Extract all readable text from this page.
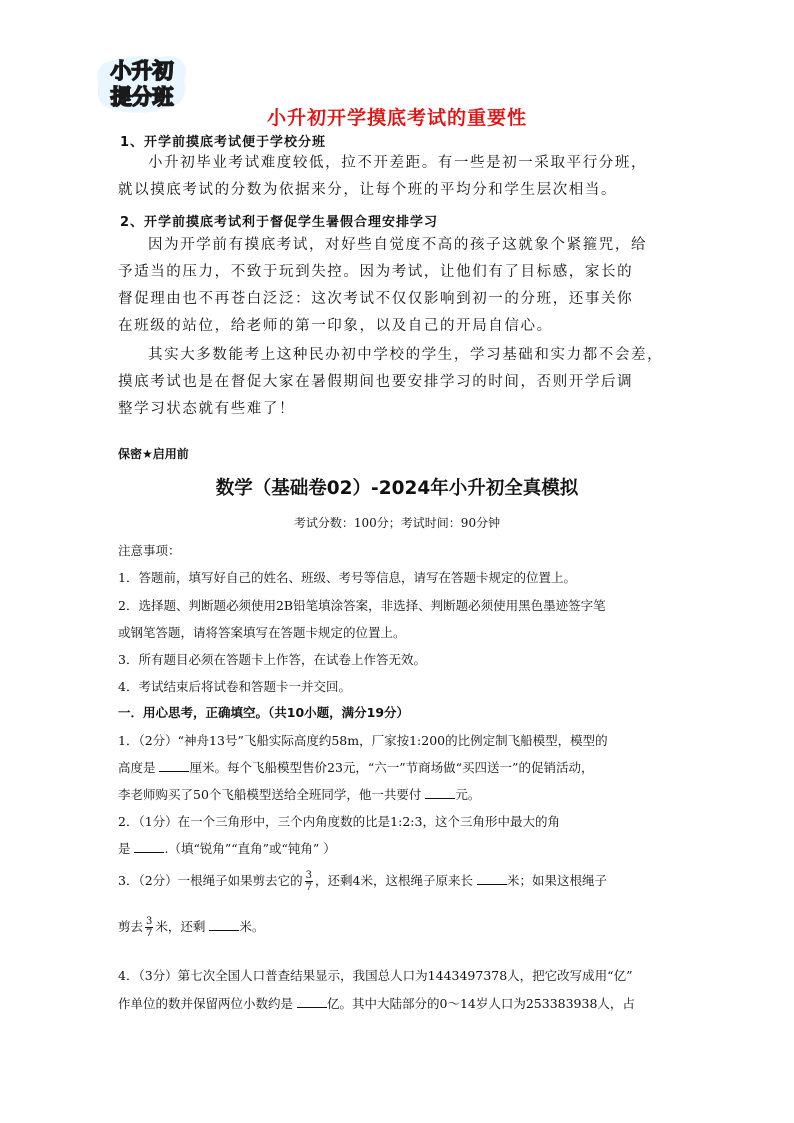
小升初
提分班
小升初开学摸底考试的重要性
1、开学前摸底考试便于学校分班
小升初毕业考试难度较低，拉不开差距。有一些是初一采取平行分班，
就以摸底考试的分数为依据来分，让每个班的平均分和学生层次相当。
2、开学前摸底考试利于督促学生暑假合理安排学习
因为开学前有摸底考试，对好些自觉度不高的孩子这就象个紧箍咒，给
予适当的压力，不致于玩到失控。因为考试，让他们有了目标感，家长的
督促理由也不再苍白泛泛：这次考试不仅仅影响到初一的分班，还事关你
在班级的站位，给老师的第一印象，以及自己的开局自信心。
其实大多数能考上这种民办初中学校的学生，学习基础和实力都不会差，
摸底考试也是在督促大家在暑假期间也要安排学习的时间，否则开学后调
整学习状态就有些难了！
保密★启用前
数学（基础卷02）-2024年小升初全真模拟
考试分数：100分；考试时间：90分钟
注意事项：
1．答题前，填写好自己的姓名、班级、考号等信息，请写在答题卡规定的位置上。
2．选择题、判断题必须使用2B铅笔填涂答案，非选择、判断题必须使用黑色墨迹签字笔
或钢笔答题，请将答案填写在答题卡规定的位置上。
3．所有题目必须在答题卡上作答，在试卷上作答无效。
4．考试结束后将试卷和答题卡一并交回。
一．用心思考，正确填空。（共10小题，满分19分）
1．（2分）“神舟13号”飞船实际高度约58m，厂家按1:200的比例定制飞船模型，模型的
高度是 厘米。每个飞船模型售价23元，“六一”节商场做“买四送一”的促销活动，
李老师购买了50个飞船模型送给全班同学，他一共要付 元。
2．（1分）在一个三角形中，三个内角度数的比是1:2:3，这个三角形中最大的角
是 .（填“锐角”“直角”或“钝角” ）
3．（2分）一根绳子如果剪去它的 $\frac{3}{7}$ ，还剩4米，这根绳子原来长 米；如果这根绳子
剪去 $\frac{3}{7}$ 米，还剩 米。
4．（3分）第七次全国人口普查结果显示，我国总人口为1443497378人，把它改写成用“亿”
作单位的数并保留两位小数约是 亿。其中大陆部分的0～14岁人口为253383938人，占
